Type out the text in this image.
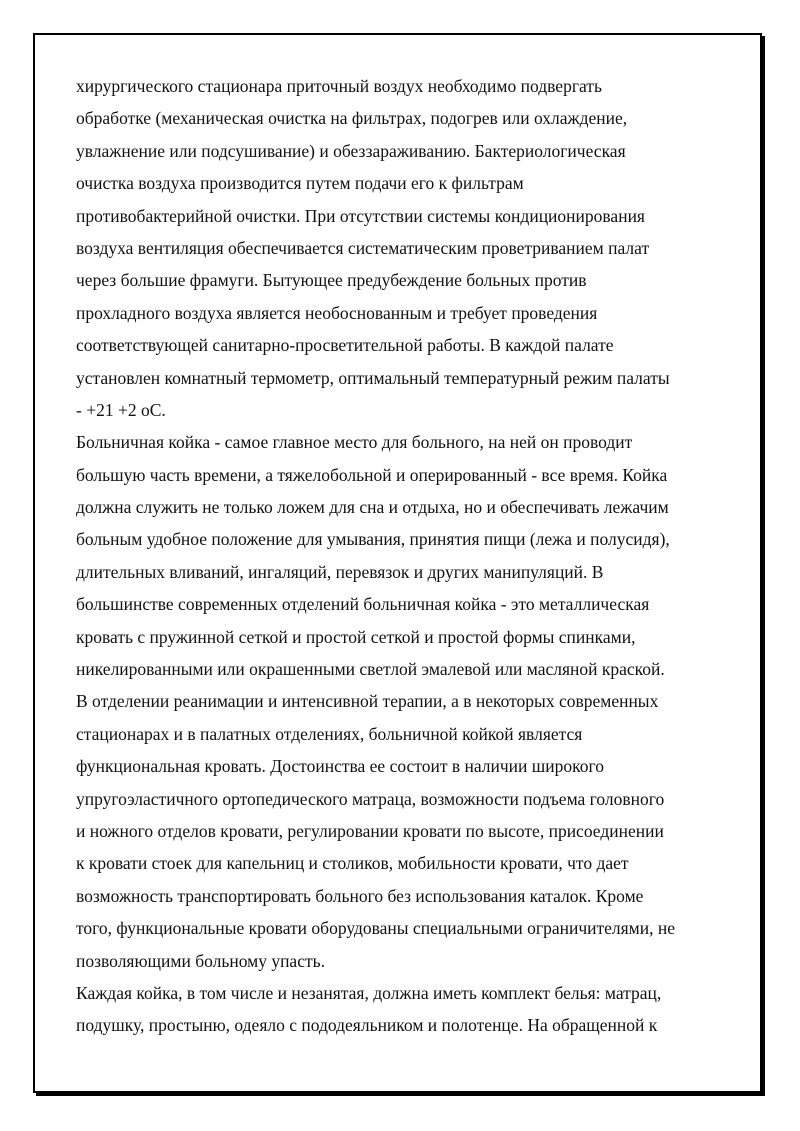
хирургического стационара приточный воздух необходимо подвергать
обработке (механическая очистка на фильтрах, подогрев или охлаждение,
увлажнение или подсушивание) и обеззараживанию. Бактериологическая
очистка воздуха производится путем подачи его к фильтрам
противобактерийной очистки. При отсутствии системы кондиционирования
воздуха вентиляция обеспечивается систематическим проветриванием палат
через большие фрамуги. Бытующее предубеждение больных против
прохладного воздуха является необоснованным и требует проведения
соответствующей санитарно-просветительной работы. В каждой палате
установлен комнатный термометр, оптимальный температурный режим палаты
- +21 +2 оС.
Больничная койка - самое главное место для больного, на ней он проводит
большую часть времени, а тяжелобольной и оперированный - все время. Койка
должна служить не только ложем для сна и отдыха, но и обеспечивать лежачим
больным удобное положение для умывания, принятия пищи (лежа и полусидя),
длительных вливаний, ингаляций, перевязок и других манипуляций. В
большинстве современных отделений больничная койка - это металлическая
кровать с пружинной сеткой и простой сеткой и простой формы спинками,
никелированными или окрашенными светлой эмалевой или масляной краской.
В отделении реанимации и интенсивной терапии, а в некоторых современных
стационарах и в палатных отделениях, больничной койкой является
функциональная кровать. Достоинства ее состоит в наличии широкого
упругоэластичного ортопедического матраца, возможности подъема головного
и ножного отделов кровати, регулировании кровати по высоте, присоединении
к кровати стоек для капельниц и столиков, мобильности кровати, что дает
возможность транспортировать больного без использования каталок. Кроме
того, функциональные кровати оборудованы специальными ограничителями, не
позволяющими больному упасть.
Каждая койка, в том числе и незанятая, должна иметь комплект белья: матрац,
подушку, простыню, одеяло с пододеяльником и полотенце. На обращенной к
